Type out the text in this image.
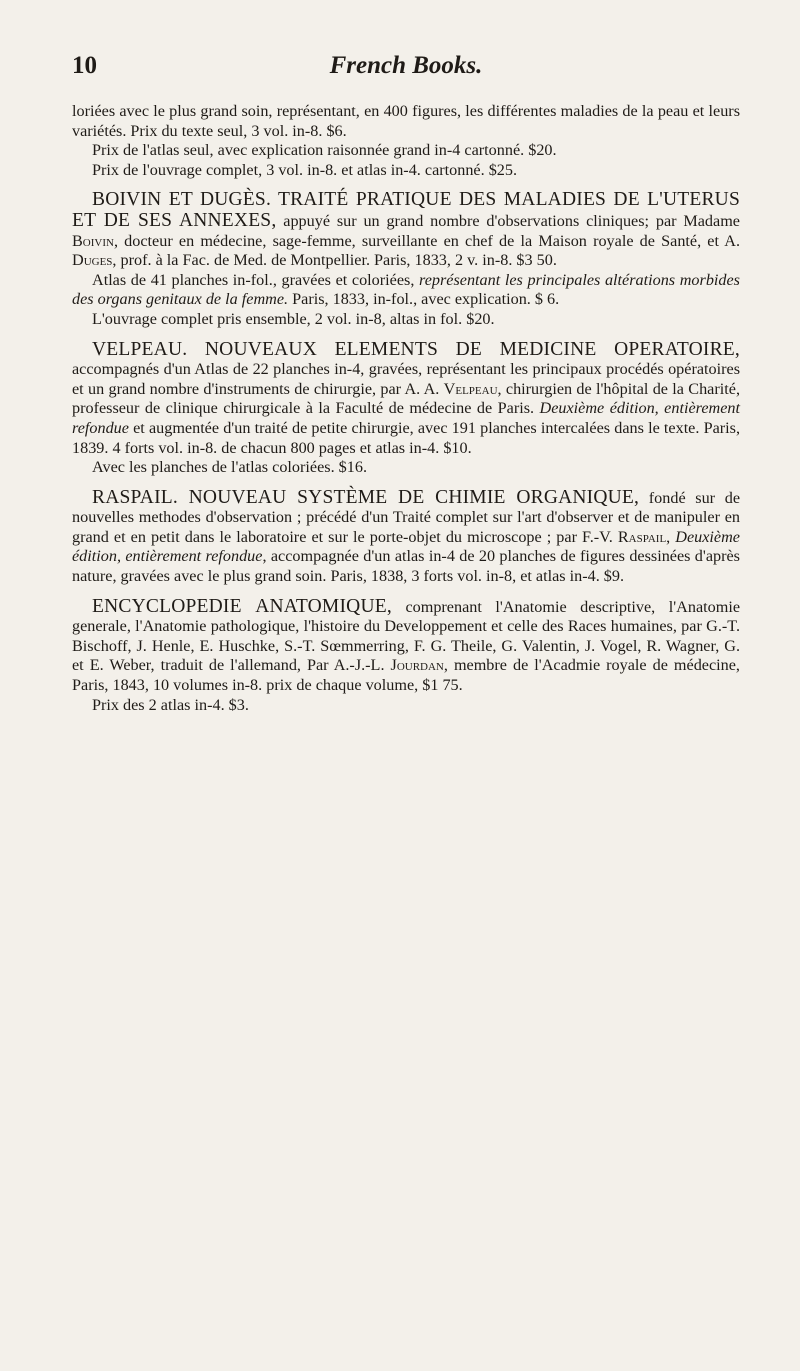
10	French Books.

loriées avec le plus grand soin, représentant, en 400 figures, les différentes maladies de la peau et leurs variétés. Prix du texte seul, 3 vol. in-8. $6.

Prix de l'atlas seul, avec explication raisonnée grand in-4 cartonné. $20.

Prix de l'ouvrage complet, 3 vol. in-8. et atlas in-4. cartonné. $25.

BOIVIN ET DUGÈS. TRAITÉ PRATIQUE DES MALADIES DE L'UTERUS ET DE SES ANNEXES, appuyé sur un grand nombre d'observations cliniques; par Madame Boivin, docteur en médecine, sage-femme, surveillante en chef de la Maison royale de Santé, et A. Duges, prof. à la Fac. de Med. de Montpellier. Paris, 1833, 2 v. in-8. $3 50.

Atlas de 41 planches in-fol., gravées et coloriées, représentant les principales altérations morbides des organs genitaux de la femme. Paris, 1833, in-fol., avec explication. $ 6.

L'ouvrage complet pris ensemble, 2 vol. in-8, altas in fol. $20.

VELPEAU. NOUVEAUX ELEMENTS DE MEDICINE OPERATOIRE, accompagnés d'un Atlas de 22 planches in-4, gravées, représentant les principaux procédés opératoires et un grand nombre d'instruments de chirurgie, par A. A. Velpeau, chirurgien de l'hôpital de la Charité, professeur de clinique chirurgicale à la Faculté de médecine de Paris. Deuxième édition, entièrement refondue et augmentée d'un traité de petite chirurgie, avec 191 planches intercalées dans le texte. Paris, 1839. 4 forts vol. in-8. de chacun 800 pages et atlas in-4. $10.

Avec les planches de l'atlas coloriées. $16.

RASPAIL. NOUVEAU SYSTÈME DE CHIMIE ORGANIQUE, fondé sur de nouvelles methodes d'observation ; précédé d'un Traité complet sur l'art d'observer et de manipuler en grand et en petit dans le laboratoire et sur le porte-objet du microscope ; par F.-V. Raspail, Deuxième édition, entièrement refondue, accompagnée d'un atlas in-4 de 20 planches de figures dessinées d'après nature, gravées avec le plus grand soin. Paris, 1838, 3 forts vol. in-8, et atlas in-4. $9.

ENCYCLOPEDIE ANATOMIQUE, comprenant l'Anatomie descriptive, l'Anatomie generale, l'Anatomie pathologique, l'histoire du Developpement et celle des Races humaines, par G.-T. Bischoff, J. Henle, E. Huschke, S.-T. Sœmmerring, F. G. Theile, G. Valentin, J. Vogel, R. Wagner, G. et E. Weber, traduit de l'allemand, Par A.-J.-L. Jourdan, membre de l'Acadmie royale de médecine, Paris, 1843, 10 volumes in-8. prix de chaque volume, $1 75.

Prix des 2 atlas in-4. $3.
